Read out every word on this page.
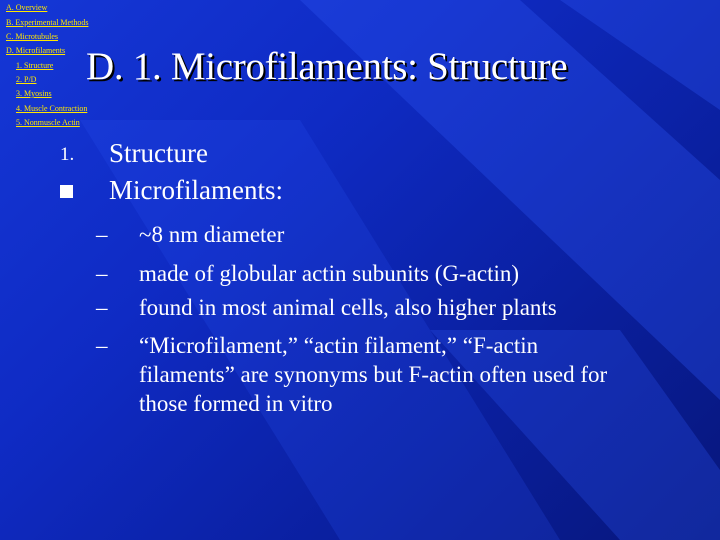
A. Overview
B. Experimental Methods
C. Microtubules
D. Microfilaments
1. Structure
2. P/D
3. Myosins
4. Muscle Contraction
5. Nonmuscle Actin
D. 1. Microfilaments: Structure
1. Structure
Microfilaments:
– ~8 nm diameter
– made of globular actin subunits (G-actin)
– found in most animal cells, also higher plants
– “Microfilament,” “actin filament,” “F-actin filaments” are synonyms but F-actin often used for those formed in vitro
